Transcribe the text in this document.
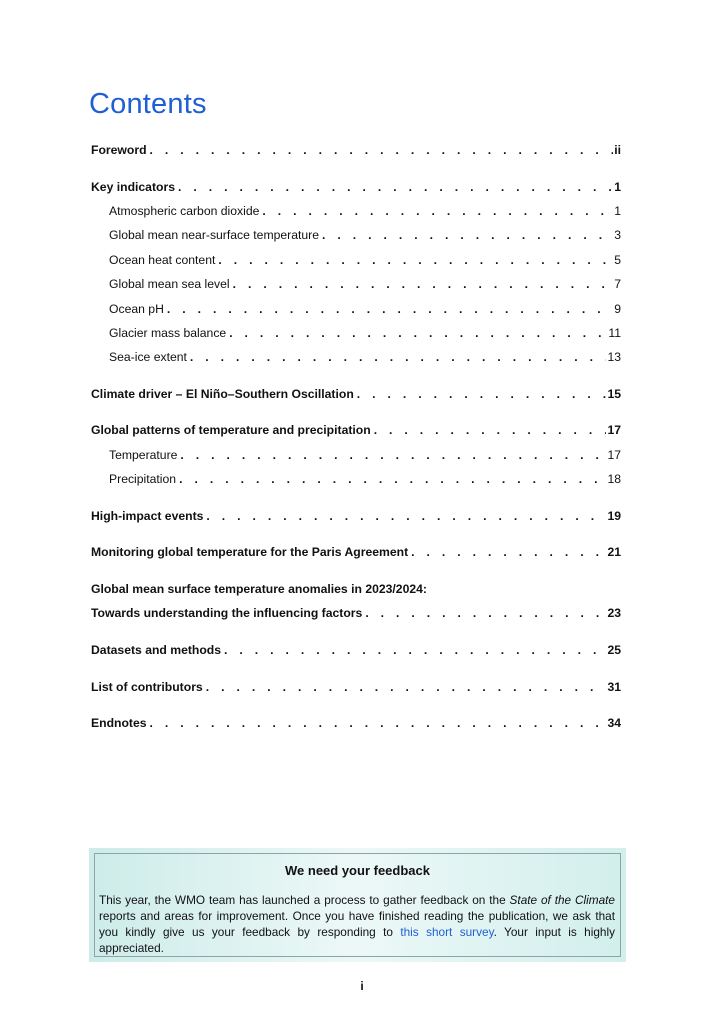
Contents
Foreword . . .	ii
Key indicators . . .	1
Atmospheric carbon dioxide . . .	1
Global mean near-surface temperature . . .	3
Ocean heat content . . .	5
Global mean sea level . . .	7
Ocean pH . . .	9
Glacier mass balance . . .	11
Sea-ice extent . . .	13
Climate driver – El Niño–Southern Oscillation . . .	15
Global patterns of temperature and precipitation . . .	17
Temperature . . .	17
Precipitation . . .	18
High-impact events . . .	19
Monitoring global temperature for the Paris Agreement . . .	21
Global mean surface temperature anomalies in 2023/2024:
Towards understanding the influencing factors . . .	23
Datasets and methods . . .	25
List of contributors . . .	31
Endnotes . . .	34
We need your feedback
This year, the WMO team has launched a process to gather feedback on the State of the Climate reports and areas for improvement. Once you have finished reading the publication, we ask that you kindly give us your feedback by responding to this short survey. Your input is highly appreciated.
i
